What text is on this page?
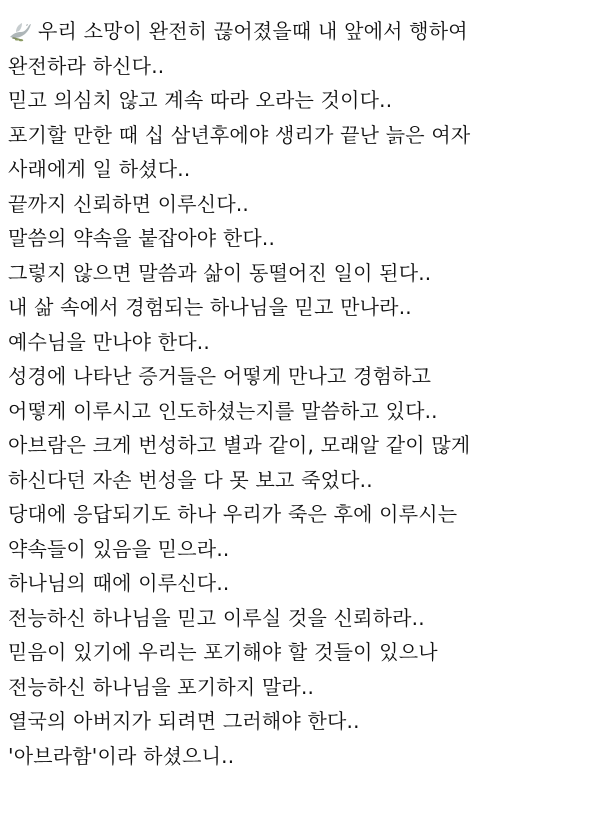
우리 소망이 완전히 끊어졌을때 내 앞에서 행하여
완전하라 하신다..
믿고 의심치 않고 계속 따라 오라는 것이다..
포기할 만한 때 십 삼년후에야 생리가 끝난 늙은 여자
사래에게 일 하셨다..
끝까지 신뢰하면 이루신다..
말씀의 약속을 붙잡아야 한다..
그렇지 않으면 말씀과 삶이 동떨어진 일이 된다..
내 삶 속에서 경험되는 하나님을 믿고 만나라..
예수님을 만나야 한다..
성경에 나타난 증거들은 어떻게 만나고 경험하고
어떻게 이루시고 인도하셨는지를 말씀하고 있다..
아브람은 크게 번성하고 별과 같이, 모래알 같이 많게
하신다던 자손 번성을 다 못 보고 죽었다..
당대에 응답되기도 하나 우리가 죽은 후에 이루시는
약속들이 있음을 믿으라..
하나님의 때에 이루신다..
전능하신 하나님을 믿고 이루실 것을 신뢰하라..
믿음이 있기에 우리는 포기해야 할 것들이 있으나
전능하신 하나님을 포기하지 말라..
열국의 아버지가 되려면 그러해야 한다..
'아브라함'이라 하셨으니..
